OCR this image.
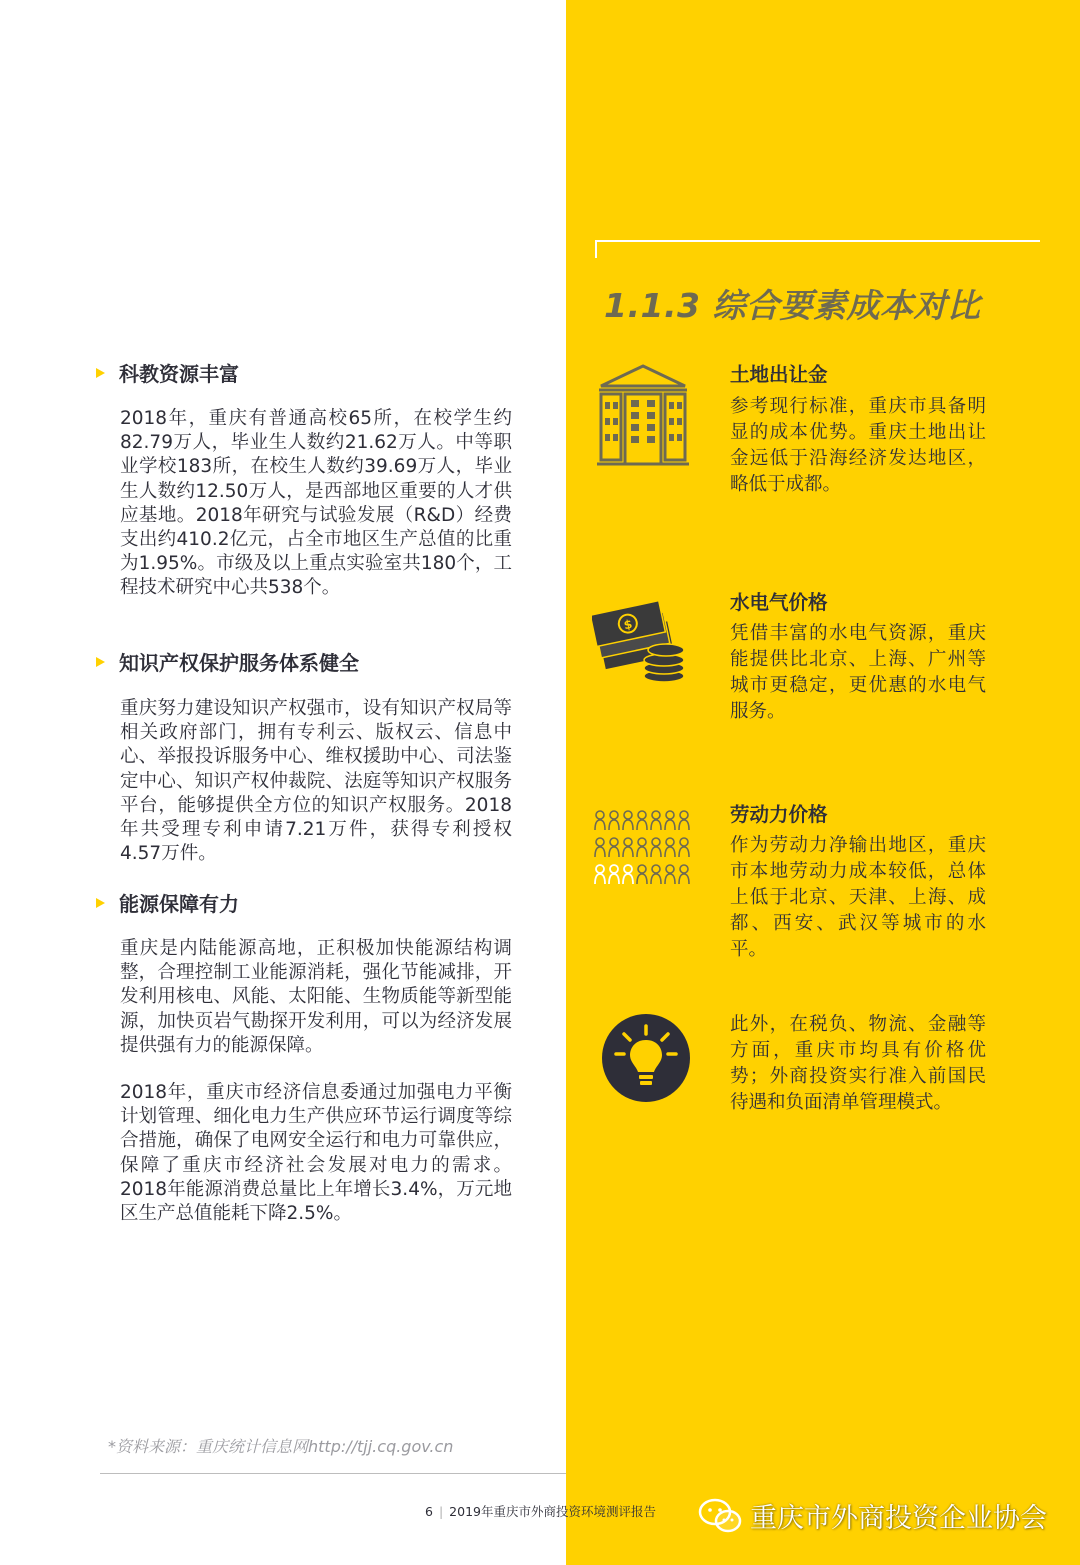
科教资源丰富
2018年，重庆有普通高校65所，在校学生约82.79万人，毕业生人数约21.62万人。中等职业学校183所，在校生人数约39.69万人，毕业生人数约12.50万人，是西部地区重要的人才供应基地。2018年研究与试验发展（R&D）经费支出约410.2亿元，占全市地区生产总值的比重为1.95%。市级及以上重点实验室共180个，工程技术研究中心共538个。
知识产权保护服务体系健全
重庆努力建设知识产权强市，设有知识产权局等相关政府部门，拥有专利云、版权云、信息中心、举报投诉服务中心、维权援助中心、司法鉴定中心、知识产权仲裁院、法庭等知识产权服务平台，能够提供全方位的知识产权服务。2018年共受理专利申请7.21万件，获得专利授权4.57万件。
能源保障有力
重庆是内陆能源高地，正积极加快能源结构调整，合理控制工业能源消耗，强化节能减排，开发利用核电、风能、太阳能、生物质能等新型能源，加快页岩气勘探开发利用，可以为经济发展提供强有力的能源保障。
2018年，重庆市经济信息委通过加强电力平衡计划管理、细化电力生产供应环节运行调度等综合措施，确保了电网安全运行和电力可靠供应，保障了重庆市经济社会发展对电力的需求。2018年能源消费总量比上年增长3.4%，万元地区生产总值能耗下降2.5%。
*资料来源：重庆统计信息网http://tjj.cq.gov.cn
6 | 2019年重庆市外商投资环境测评报告
1.1.3 综合要素成本对比
土地出让金
参考现行标准，重庆市具备明显的成本优势。重庆土地出让金远低于沿海经济发达地区，略低于成都。
$
水电气价格
凭借丰富的水电气资源，重庆能提供比北京、上海、广州等城市更稳定，更优惠的水电气服务。
劳动力价格
作为劳动力净输出地区，重庆市本地劳动力成本较低，总体上低于北京、天津、上海、成都、西安、武汉等城市的水平。
此外，在税负、物流、金融等方面，重庆市均具有价格优势；外商投资实行准入前国民待遇和负面清单管理模式。
重庆市外商投资企业协会
